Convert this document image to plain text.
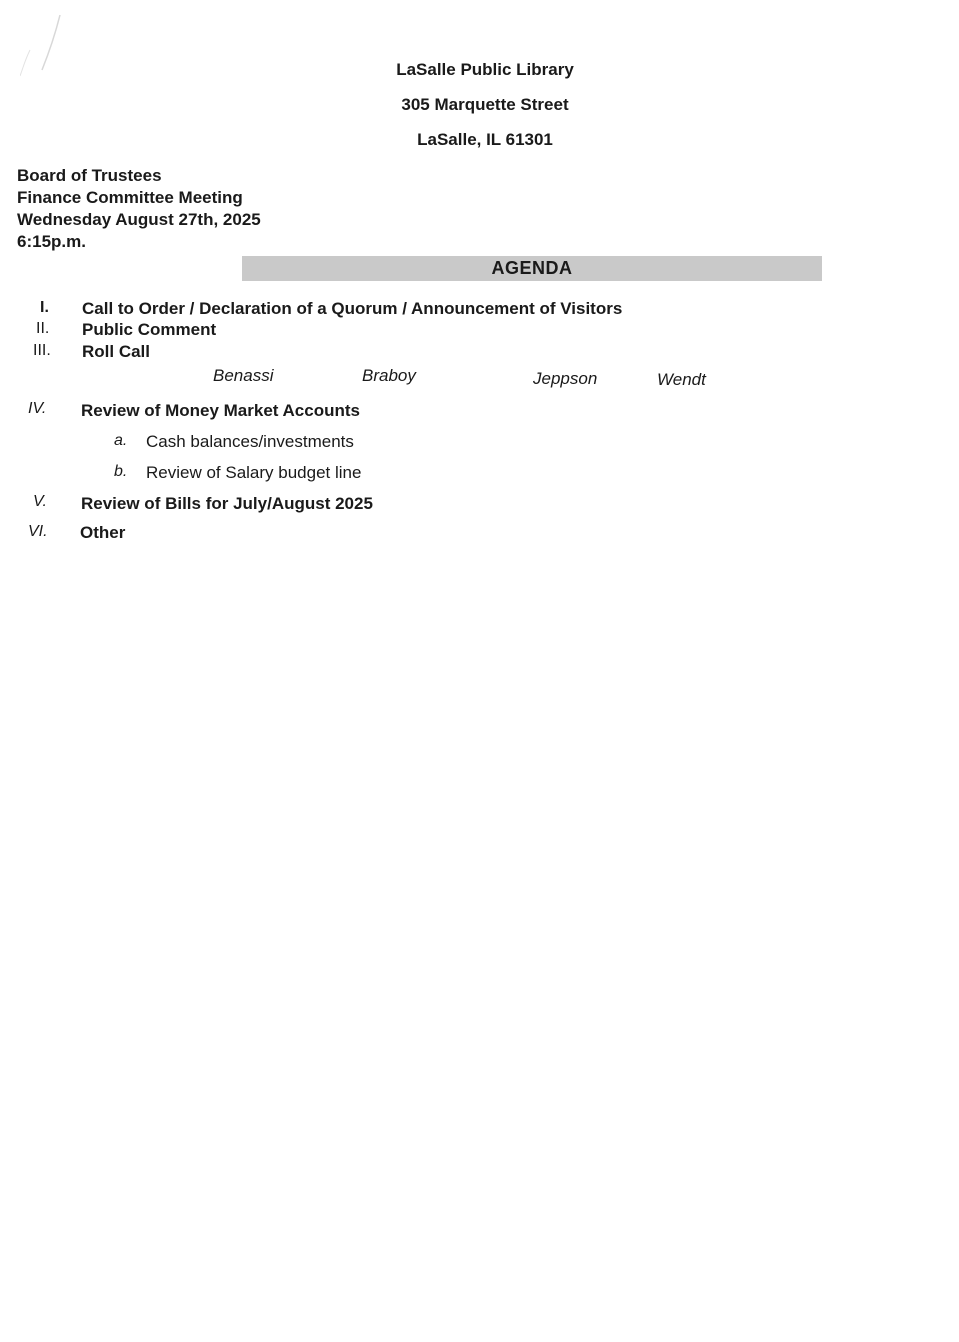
LaSalle Public Library
305 Marquette Street
LaSalle, IL 61301
Board of Trustees
Finance Committee Meeting
Wednesday August 27th, 2025
6:15p.m.
AGENDA
I.	Call to Order / Declaration of a Quorum / Announcement of Visitors
II.	Public Comment
III.	Roll Call
Benassi	Braboy	Jeppson	Wendt
IV.	Review of Money Market Accounts
a.	Cash balances/investments
b.	Review of Salary budget line
V.	Review of Bills for July/August 2025
VI.	Other
